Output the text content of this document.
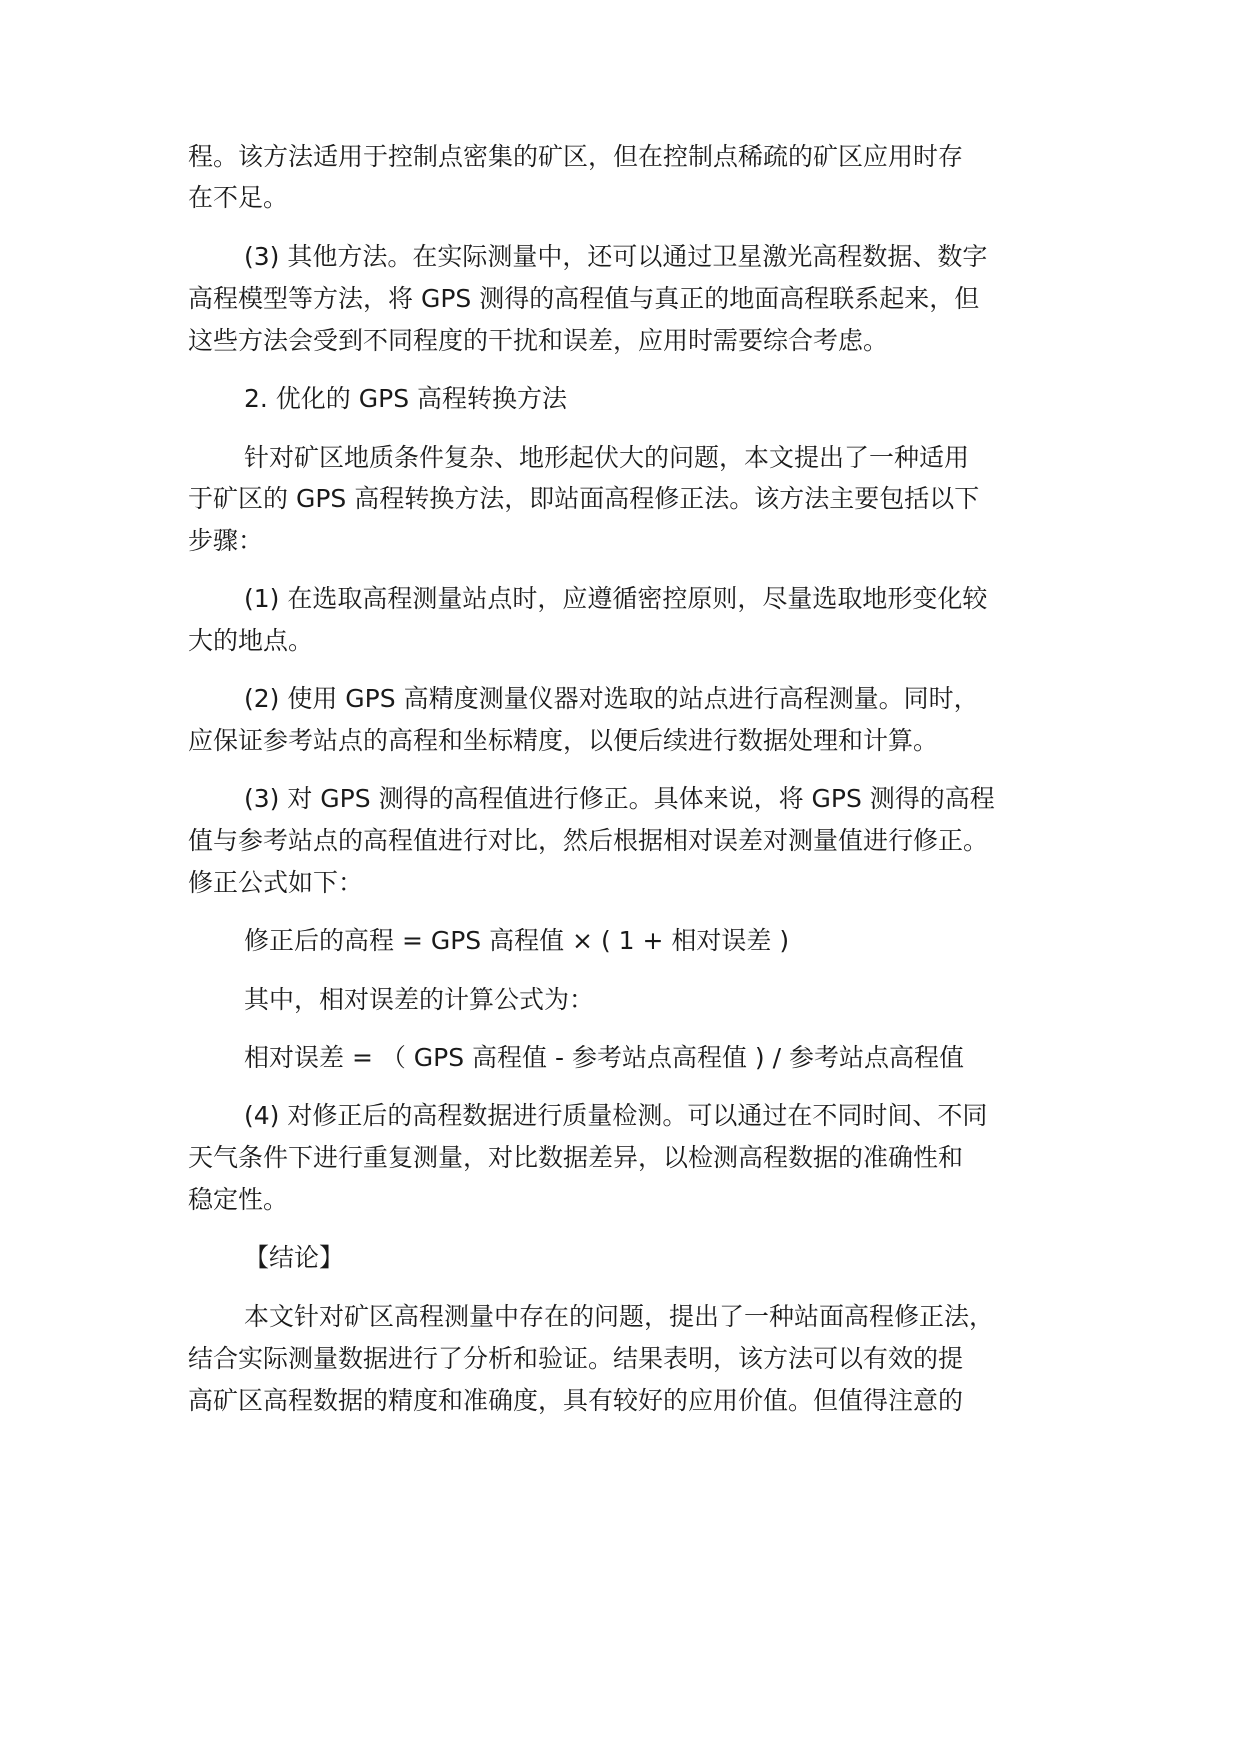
程。该方法适用于控制点密集的矿区，但在控制点稀疏的矿区应用时存
在不足。
(3) 其他方法。在实际测量中，还可以通过卫星激光高程数据、数字
高程模型等方法，将 GPS 测得的高程值与真正的地面高程联系起来，但
这些方法会受到不同程度的干扰和误差，应用时需要综合考虑。
2. 优化的 GPS 高程转换方法
针对矿区地质条件复杂、地形起伏大的问题，本文提出了一种适用
于矿区的 GPS 高程转换方法，即站面高程修正法。该方法主要包括以下
步骤：
(1) 在选取高程测量站点时，应遵循密控原则，尽量选取地形变化较
大的地点。
(2) 使用 GPS 高精度测量仪器对选取的站点进行高程测量。同时，
应保证参考站点的高程和坐标精度，以便后续进行数据处理和计算。
(3) 对 GPS 测得的高程值进行修正。具体来说，将 GPS 测得的高程
值与参考站点的高程值进行对比，然后根据相对误差对测量值进行修正。
修正公式如下：
修正后的高程 = GPS 高程值 × ( 1 + 相对误差 )
其中，相对误差的计算公式为：
相对误差 = （ GPS 高程值 - 参考站点高程值 ) / 参考站点高程值
(4) 对修正后的高程数据进行质量检测。可以通过在不同时间、不同
天气条件下进行重复测量，对比数据差异，以检测高程数据的准确性和
稳定性。
【结论】
本文针对矿区高程测量中存在的问题，提出了一种站面高程修正法，
结合实际测量数据进行了分析和验证。结果表明，该方法可以有效的提
高矿区高程数据的精度和准确度，具有较好的应用价值。但值得注意的
